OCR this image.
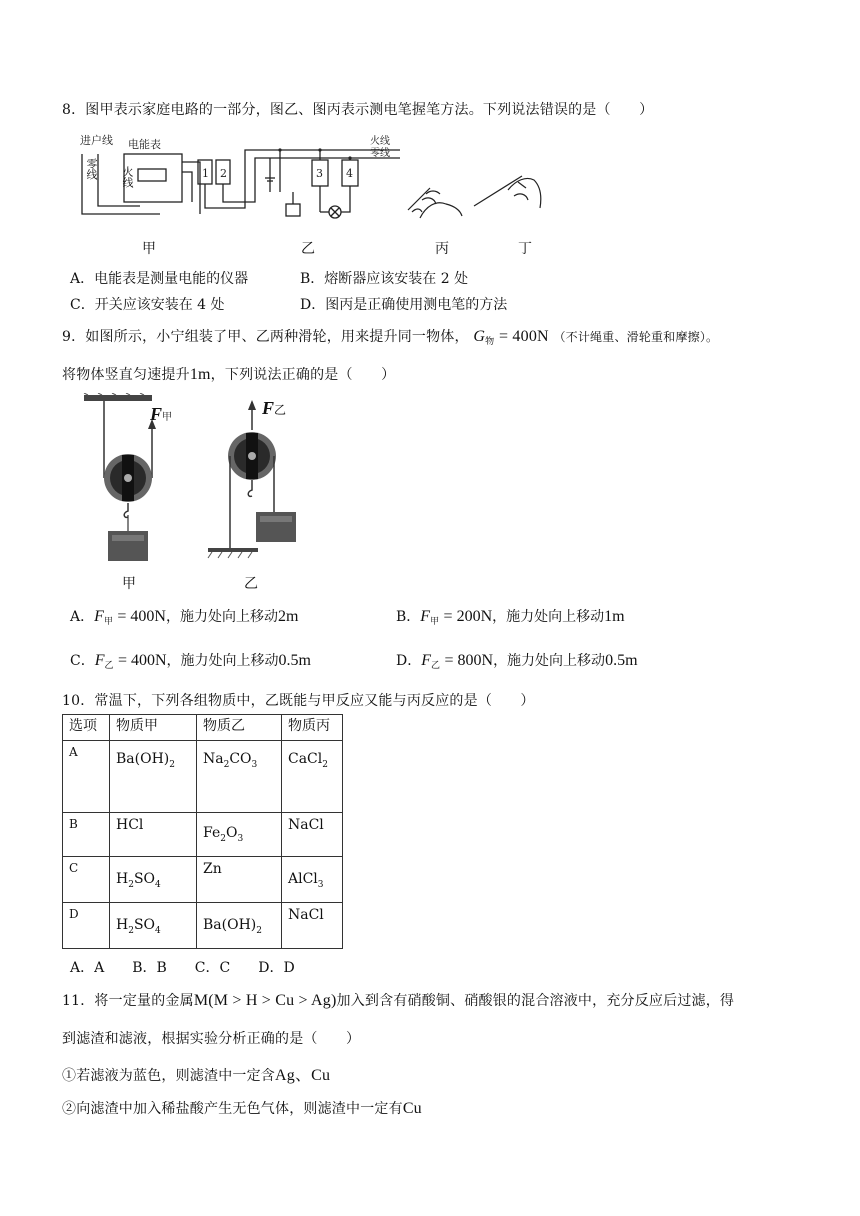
8．图甲表示家庭电路的一部分，图乙、图丙表示测电笔握笔方法。下列说法错误的是（　　）
进户线 电能表
1 2	3 4
火线
零线
零线 火线
甲	乙	丙	丁
A．电能表是测量电能的仪器	B．熔断器应该安装在 2 处
C．开关应该安装在 4 处	D．图丙是正确使用测电笔的方法
9．如图所示，小宁组装了甲、乙两种滑轮，用来提升同一物体， $G_物 = 400N$ （不计绳重、滑轮重和摩擦）。
将物体竖直匀速提升1m，下列说法正确的是（　　）
F甲	F乙
甲	乙
A．$F_甲 = 400N$，施力处向上移动2m	B．$F_甲 = 200N$，施力处向上移动1m
C．$F_乙 = 400N$，施力处向上移动0.5m	D．$F_乙 = 800N$，施力处向上移动0.5m
10．常温下，下列各组物质中，乙既能与甲反应又能与丙反应的是（　　）
选项	物质甲	物质乙	物质丙
A	$Ba(OH)_2$	$Na_2CO_3$	CaCl$_2$
B	HCl	$Fe_2O_3$	NaCl
C	$H_2SO_4$	Zn	AlCl$_3$
D	$H_2SO_4$	$Ba(OH)_2$	NaCl
A．A　　B．B　　C．C　　D．D
11．将一定量的金属M(M > H > Cu > Ag)加入到含有硝酸铜、硝酸银的混合溶液中，充分反应后过滤，得
到滤渣和滤液，根据实验分析正确的是（　　）
①若滤液为蓝色，则滤渣中一定含Ag、Cu
②向滤渣中加入稀盐酸产生无色气体，则滤渣中一定有Cu
